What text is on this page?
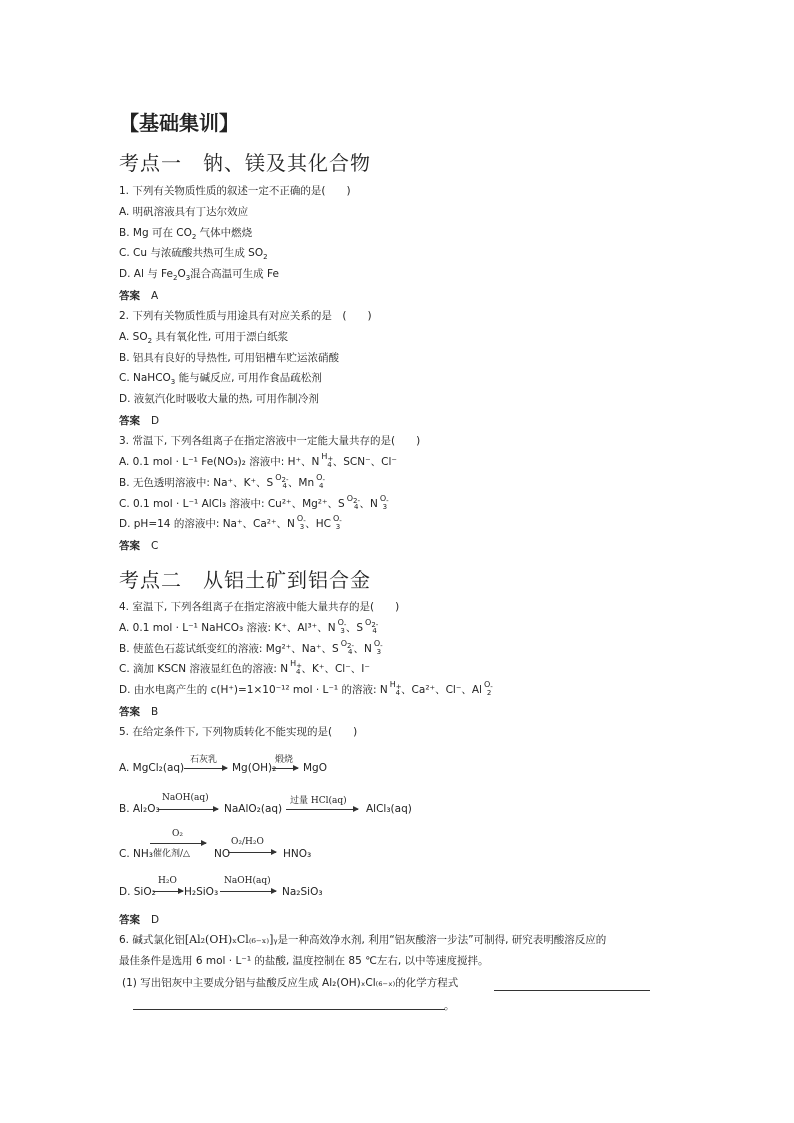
【基础集训】
考点一　钠、镁及其化合物
1. 下列有关物质性质的叙述一定不正确的是(　　)
A. 明矾溶液具有丁达尔效应
B. Mg 可在 $CO_2$ 气体中燃烧
C. Cu 与浓硫酸共热可生成 $SO_2$
D. Al 与 $Fe_2O_3$混合高温可生成 Fe
答案 A
2. 下列有关物质性质与用途具有对应关系的是　(　　)
A. $SO_2$ 具有氧化性, 可用于漂白纸浆
B. 铝具有良好的导热性, 可用铝槽车贮运浓硝酸
C. NaHCO$_3$ 能与碱反应, 可用作食品疏松剂
D. 液氨汽化时吸收大量的热, 可用作制冷剂
答案 D
3. 常温下, 下列各组离子在指定溶液中一定能大量共存的是(　　)
A. 0.1 mol · L⁻¹ Fe(NO₃)₂ 溶液中: H⁺、N $H^+_4$、SCN⁻、Cl⁻
B. 无色透明溶液中: Na⁺、K⁺、S $O^{2-}_4$、Mn $O^-_4$
C. 0.1 mol · L⁻¹ AlCl₃ 溶液中: Cu²⁺、Mg²⁺、S $O^{2-}_4$、N $O^-_3$
D. pH=14 的溶液中: Na⁺、Ca²⁺、N $O^-_3$、HC $O^-_3$
答案 C
考点二　从铝土矿到铝合金
4. 室温下, 下列各组离子在指定溶液中能大量共存的是(　　)
A. 0.1 mol · L⁻¹ NaHCO₃ 溶液: K⁺、Al³⁺、N $O^-_3$、S $O^{2-}_4$
B. 使蓝色石蕊试纸变红的溶液: Mg²⁺、Na⁺、S $O^{2-}_4$、N $O^-_3$
C. 滴加 KSCN 溶液显红色的溶液: N $H^+_4$、K⁺、Cl⁻、I⁻
D. 由水电离产生的 c(H⁺)=1×10⁻¹² mol · L⁻¹ 的溶液: N $H^+_4$、Ca²⁺、Cl⁻、Al $O^-_2$
答案 B
5. 在给定条件下, 下列物质转化不能实现的是(　　)
A. MgCl₂(aq)
石灰乳
→ Mg(OH)₂
煅烧
→ MgO
B. Al₂O₃
NaOH(aq)
→ NaAlO₂(aq)
过量 HCl(aq)
AlCl₃(aq)
C. NH₃
O₂
催化剂/△ NO
O₂/H₂O
→ HNO₃
D. SiO₂
H₂O
→ H₂SiO₃
NaOH(aq)
→ Na₂SiO₃
答案 D
6. 碱式氯化铝[Al₂(OH)ₓCl₍₆₋ₓ₎]ᵧ是一种高效净水剂, 利用“铝灰酸溶一步法”可制得, 研究表明酸溶反应的
最佳条件是选用 6 mol · L⁻¹ 的盐酸, 温度控制在 85 ℃左右, 以中等速度搅拌。
(1) 写出铝灰中主要成分铝与盐酸反应生成 Al₂(OH)ₓCl₍₆₋ₓ₎的化学方程式
。
